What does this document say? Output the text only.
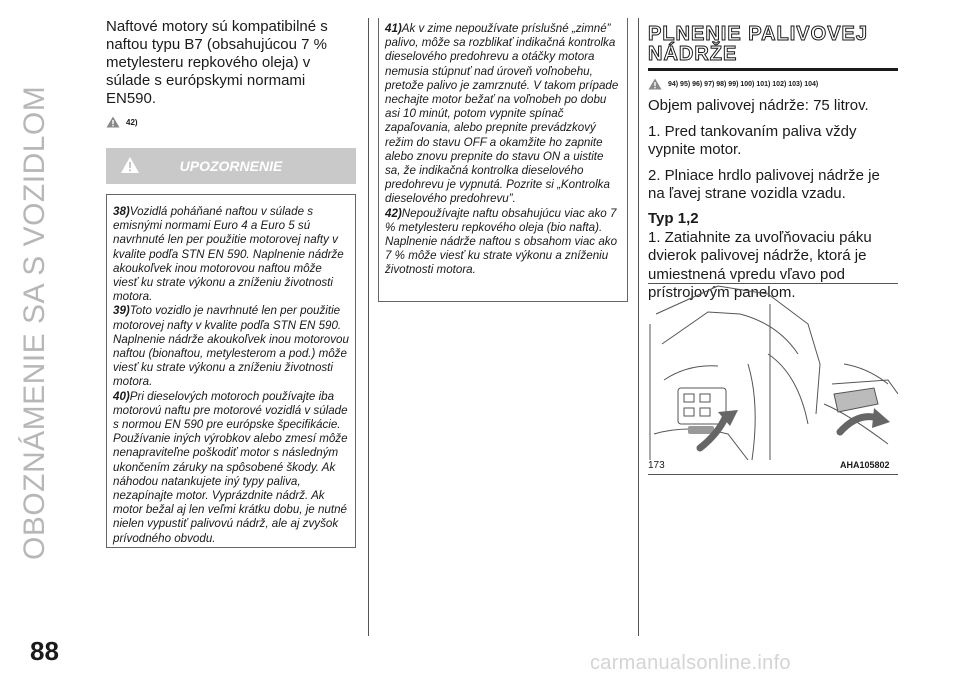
OBOZNÁMENIE SA S VOZIDLOM
88

Naftové motory sú kompatibilné s naftou typu B7 (obsahujúcou 7 % metylesteru repkového oleja) v súlade s európskymi normami EN590.

42)
UPOZORNENIE

38)Vozidlá poháňané naftou v súlade s emisnými normami Euro 4 a Euro 5 sú navrhnuté len per použitie motorovej nafty v kvalite podľa STN EN 590. Naplnenie nádrže akoukoľvek inou motorovou naftou môže viesť ku strate výkonu a zníženiu životnosti motora.

39)Toto vozidlo je navrhnuté len per použitie motorovej nafty v kvalite podľa STN EN 590. Naplnenie nádrže akoukoľvek inou motorovou naftou (bionaftou, metylesterom a pod.) môže viesť ku strate výkonu a zníženiu životnosti motora.

40)Pri dieselových motoroch používajte iba motorovú naftu pre motorové vozidlá v súlade s normou EN 590 pre európske špecifikácie. Používanie iných výrobkov alebo zmesí môže nenapraviteľne poškodiť motor s následným ukončením záruky na spôsobené škody. Ak náhodou natankujete iný typy paliva, nezapínajte motor. Vyprázdnite nádrž. Ak motor bežal aj len veľmi krátku dobu, je nutné nielen vypustiť palivovú nádrž, ale aj zvyšok prívodného obvodu.

41)Ak v zime nepoužívate príslušné „zimné” palivo, môže sa rozblikať indikačná kontrolka dieselového predohrevu a otáčky motora nemusia stúpnuť nad úroveň voľnobehu, pretože palivo je zamrznuté. V takom prípade nechajte motor bežať na voľnobeh po dobu asi 10 minút, potom vypnite spínač zapaľovania, alebo prepnite prevádzkový režim do stavu OFF a okamžite ho zapnite alebo znovu prepnite do stavu ON a uistite sa, že indikačná kontrolka dieselového predohrevu je vypnutá. Pozrite si „Kontrolka dieselového predohrevu”.

42)Nepoužívajte naftu obsahujúcu viac ako 7 % metylesteru repkového oleja (bio nafta). Naplnenie nádrže naftou s obsahom viac ako 7 % môže viesť ku strate výkonu a zníženiu životnosti motora.

PLNENIE PALIVOVEJ
NÁDRŽE

94) 95) 96) 97) 98) 99) 100) 101) 102) 103) 104)

Objem palivovej nádrže: 75 litrov.

1. Pred tankovaním paliva vždy vypnite motor.

2. Plniace hrdlo palivovej nádrže je na ľavej strane vozidla vzadu.

Typ 1,2

1. Zatiahnite za uvoľňovaciu páku dvierok palivovej nádrže, ktorá je umiestnená vpredu vľavo pod prístrojovým panelom.

173	AHA105802
carmanualsonline.info
